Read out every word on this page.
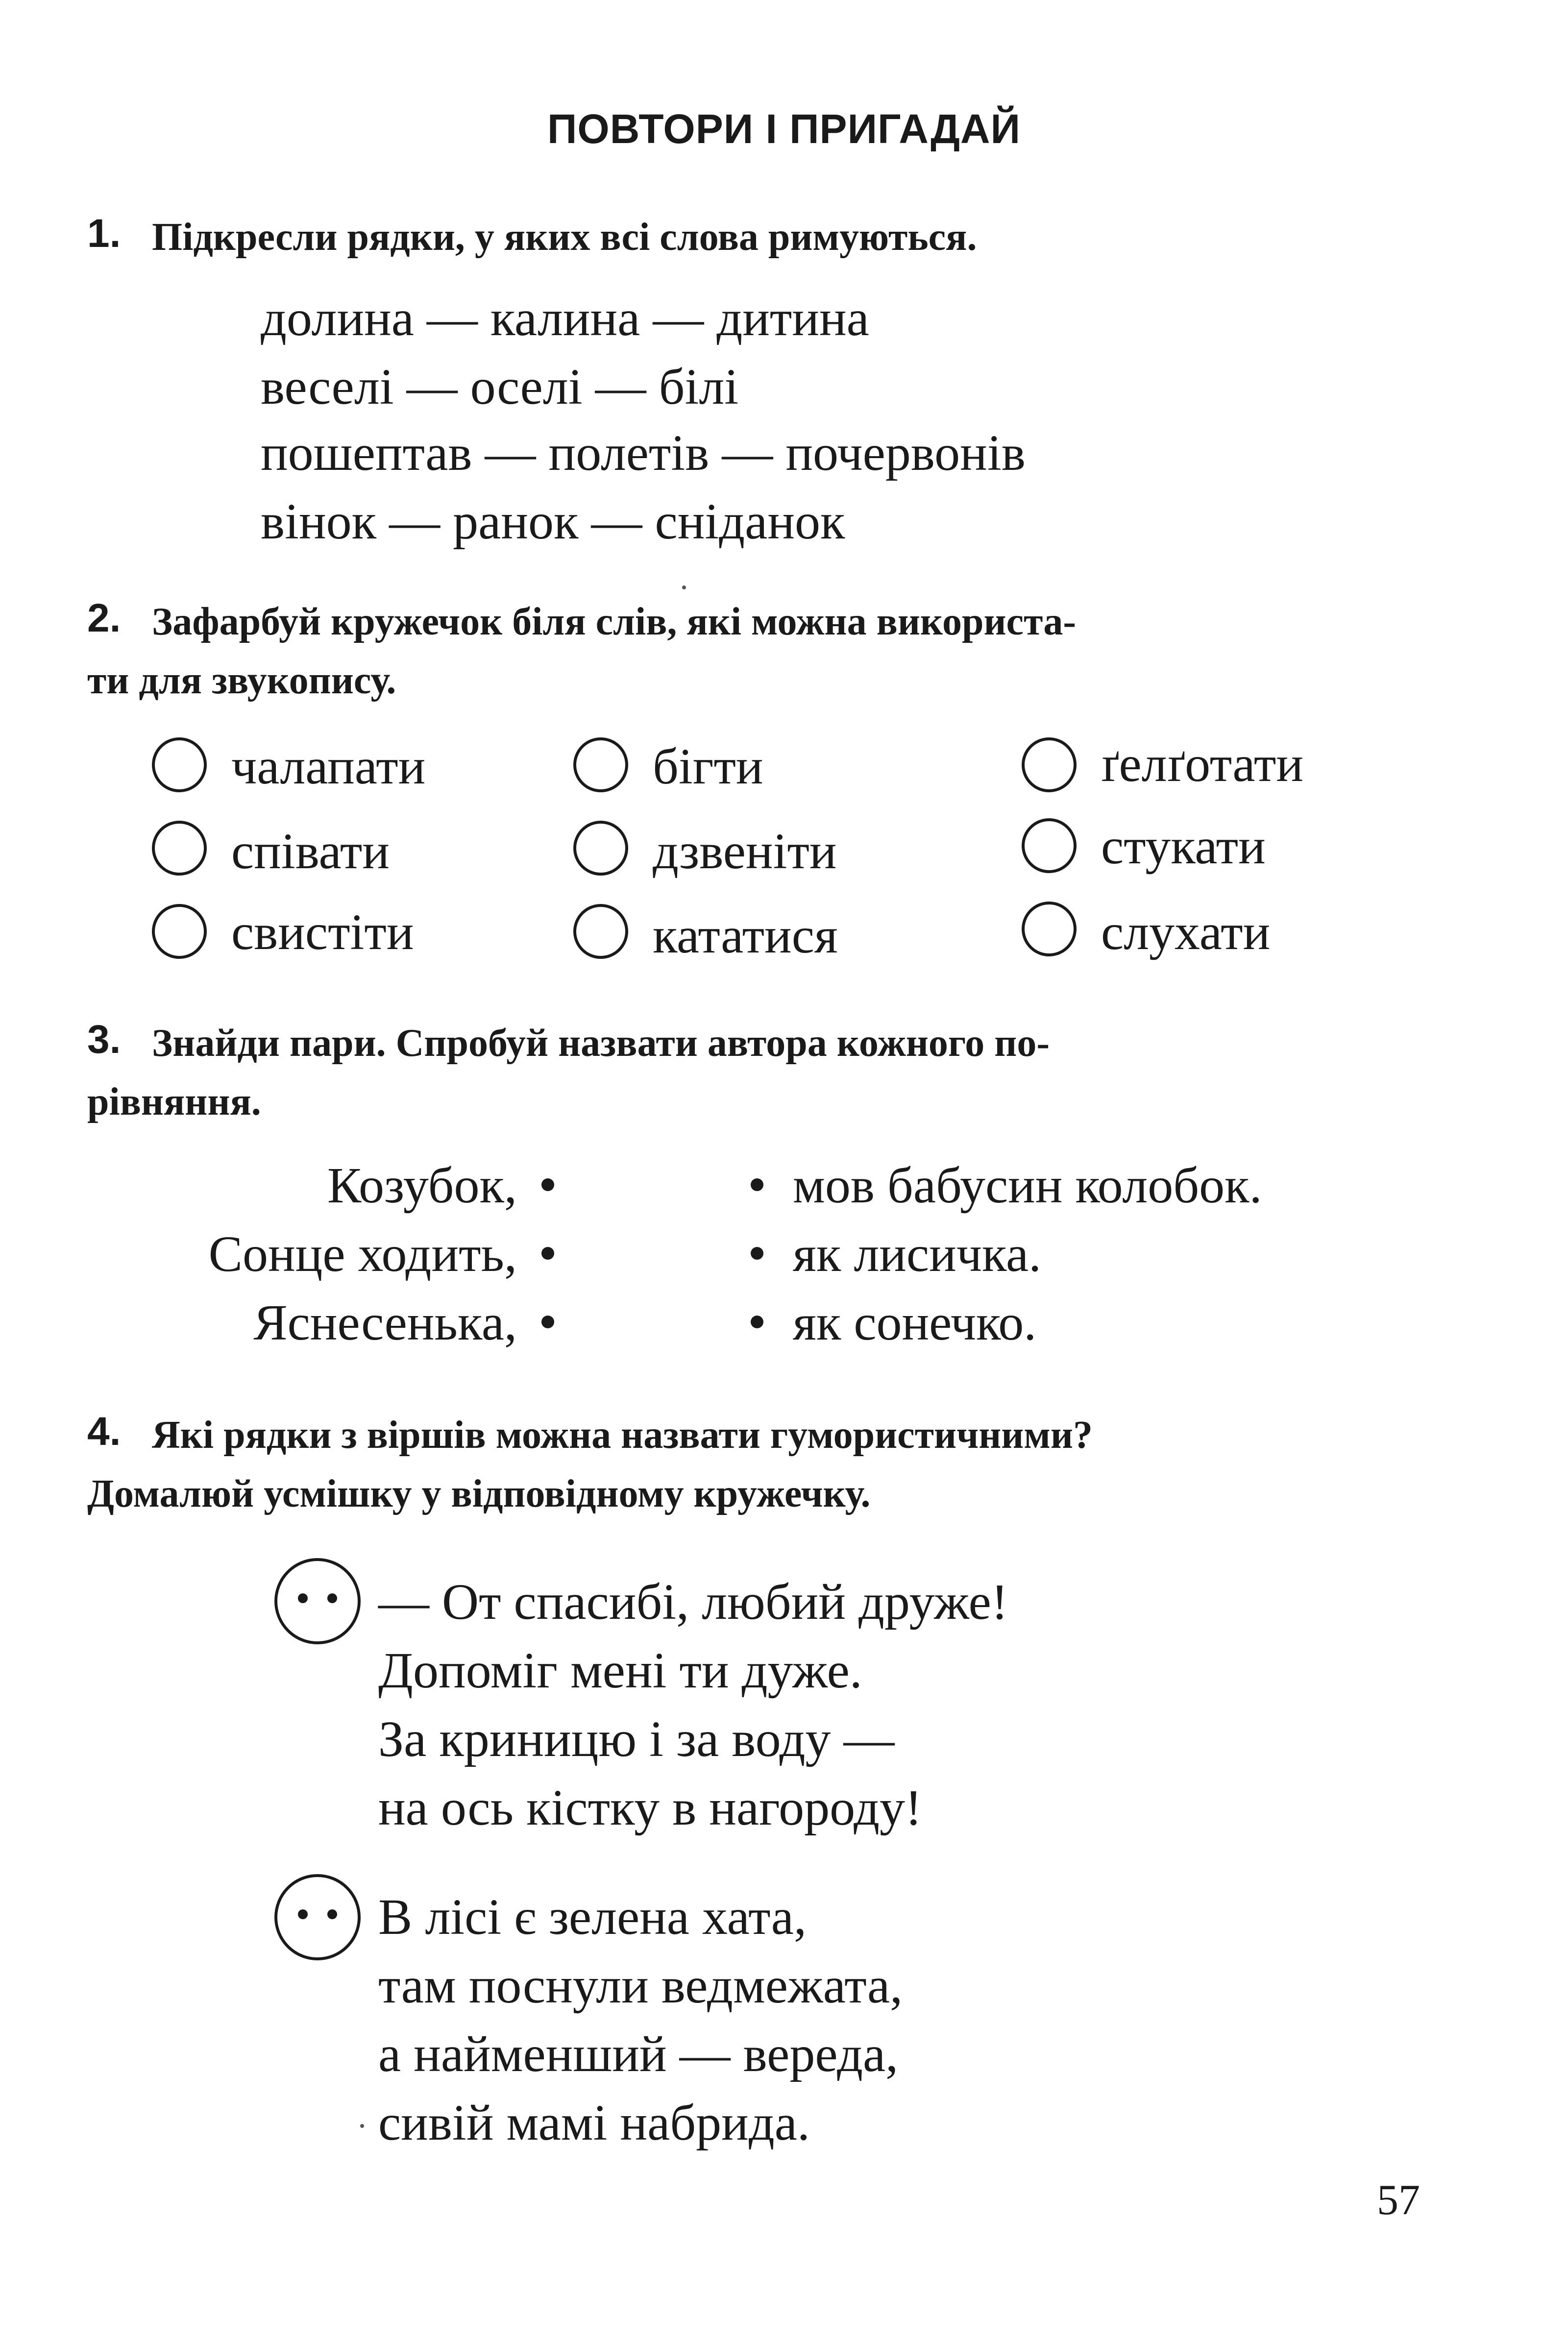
ПОВТОРИ І ПРИГАДАЙ
1. Підкресли рядки, у яких всі слова римуються.
долина — калина — дитина
веселі — оселі — білі
пошептав — полетів — почервонів
вінок — ранок — сніданок
2. Зафарбуй кружечок біля слів, які можна використа-
ти для звукопису.
чалапати	бігти	ґелґотати
співати	дзвеніти	стукати
свистіти	кататися	слухати
3. Знайди пари. Спробуй назвати автора кожного по-
рівняння.
Козубок,	мов бабусин колобок.
Сонце ходить,	як лисичка.
Яснесенька,	як сонечко.
4. Які рядки з віршів можна назвати гумористичними?
Домалюй усмішку у відповідному кружечку.
— От спасибі, любий друже!
Допоміг мені ти дуже.
За криницю і за воду —
на ось кістку в нагороду!
В лісі є зелена хата,
там поснули ведмежата,
а найменший — вереда,
сивій мамі набрида.
57
